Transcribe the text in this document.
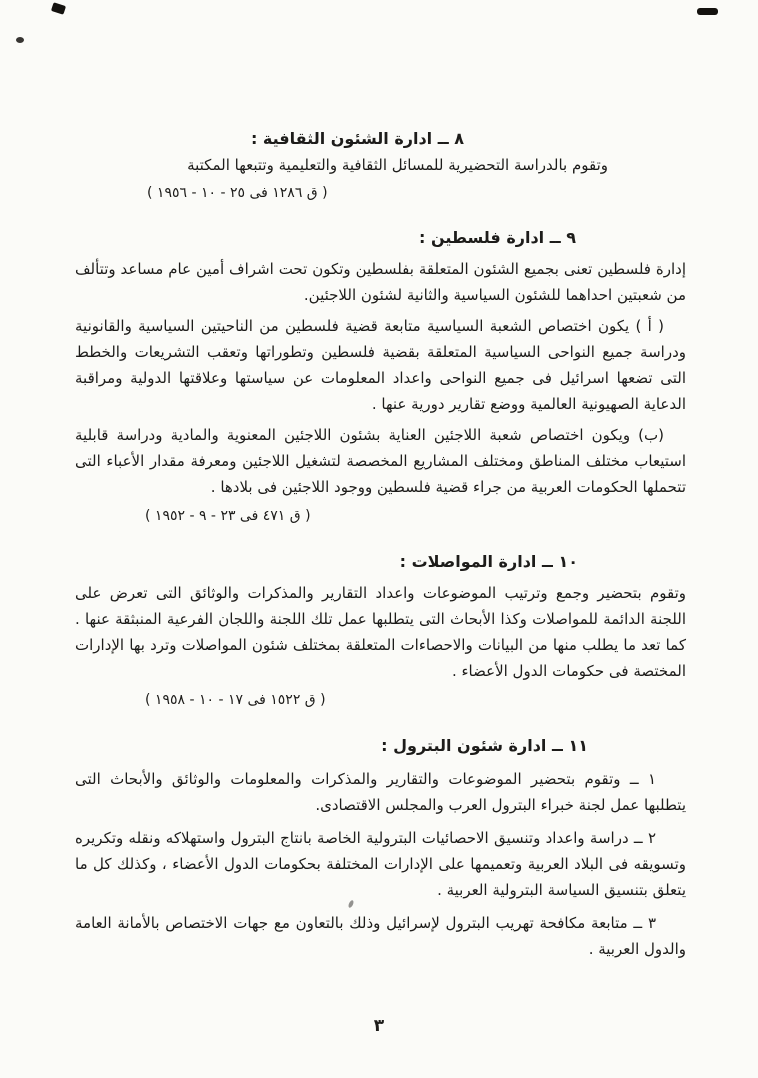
٨ ــ ادارة الشئون الثقافية :

وتقوم بالدراسة التحضيرية للمسائل الثقافية والتعليمية وتتبعها المكتبة

( ق ١٢٨٦ فى ٢٥ - ١٠ - ١٩٥٦ )

٩ ــ ادارة فلسطين :

إدارة فلسطين تعنى بجميع الشئون المتعلقة بفلسطين وتكون تحت اشراف أمين عام مساعد وتتألف من شعبتين احداهما للشئون السياسية والثانية لشئون اللاجئين.

( أ ) يكون اختصاص الشعبة السياسية متابعة قضية فلسطين من الناحيتين السياسية والقانونية ودراسة جميع النواحى السياسية المتعلقة بقضية فلسطين وتطوراتها وتعقب التشريعات والخطط التى تضعها اسرائيل فى جميع النواحى واعداد المعلومات عن سياستها وعلاقتها الدولية ومراقبة الدعاية الصهيونية العالمية ووضع تقارير دورية عنها .

(ب) ويكون اختصاص شعبة اللاجئين العناية بشئون اللاجئين المعنوية والمادية ودراسة قابلية استيعاب مختلف المناطق ومختلف المشاريع المخصصة لتشغيل اللاجئين ومعرفة مقدار الأعباء التى تتحملها الحكومات العربية من جراء قضية فلسطين ووجود اللاجئين فى بلادها .

( ق ٤٧١ فى ٢٣ - ٩ - ١٩٥٢ )

١٠ ــ ادارة المواصلات :

وتقوم بتحضير وجمع وترتيب الموضوعات واعداد التقارير والمذكرات والوثائق التى تعرض على اللجنة الدائمة للمواصلات وكذا الأبحاث التى يتطلبها عمل تلك اللجنة واللجان الفرعية المنبثقة عنها . كما تعد ما يطلب منها من البيانات والاحصاءات المتعلقة بمختلف شئون المواصلات وترد بها الإدارات المختصة فى حكومات الدول الأعضاء .

( ق ١٥٢٢ فى ١٧ - ١٠ - ١٩٥٨ )

١١ ــ ادارة شئون البترول :

١ ــ وتقوم بتحضير الموضوعات والتقارير والمذكرات والمعلومات والوثائق والأبحاث التى يتطلبها عمل لجنة خبراء البترول العرب والمجلس الاقتصادى.

٢ ــ دراسة واعداد وتنسيق الاحصائيات البترولية الخاصة بانتاج البترول واستهلاكه ونقله وتكريره وتسويقه فى البلاد العربية وتعميمها على الإدارات المختلفة بحكومات الدول الأعضاء ، وكذلك كل ما يتعلق بتنسيق السياسة البترولية العربية .

٣ ــ متابعة مكافحة تهريب البترول لإسرائيل وذلك بالتعاون مع جهات الاختصاص بالأمانة العامة والدول العربية .

٣
